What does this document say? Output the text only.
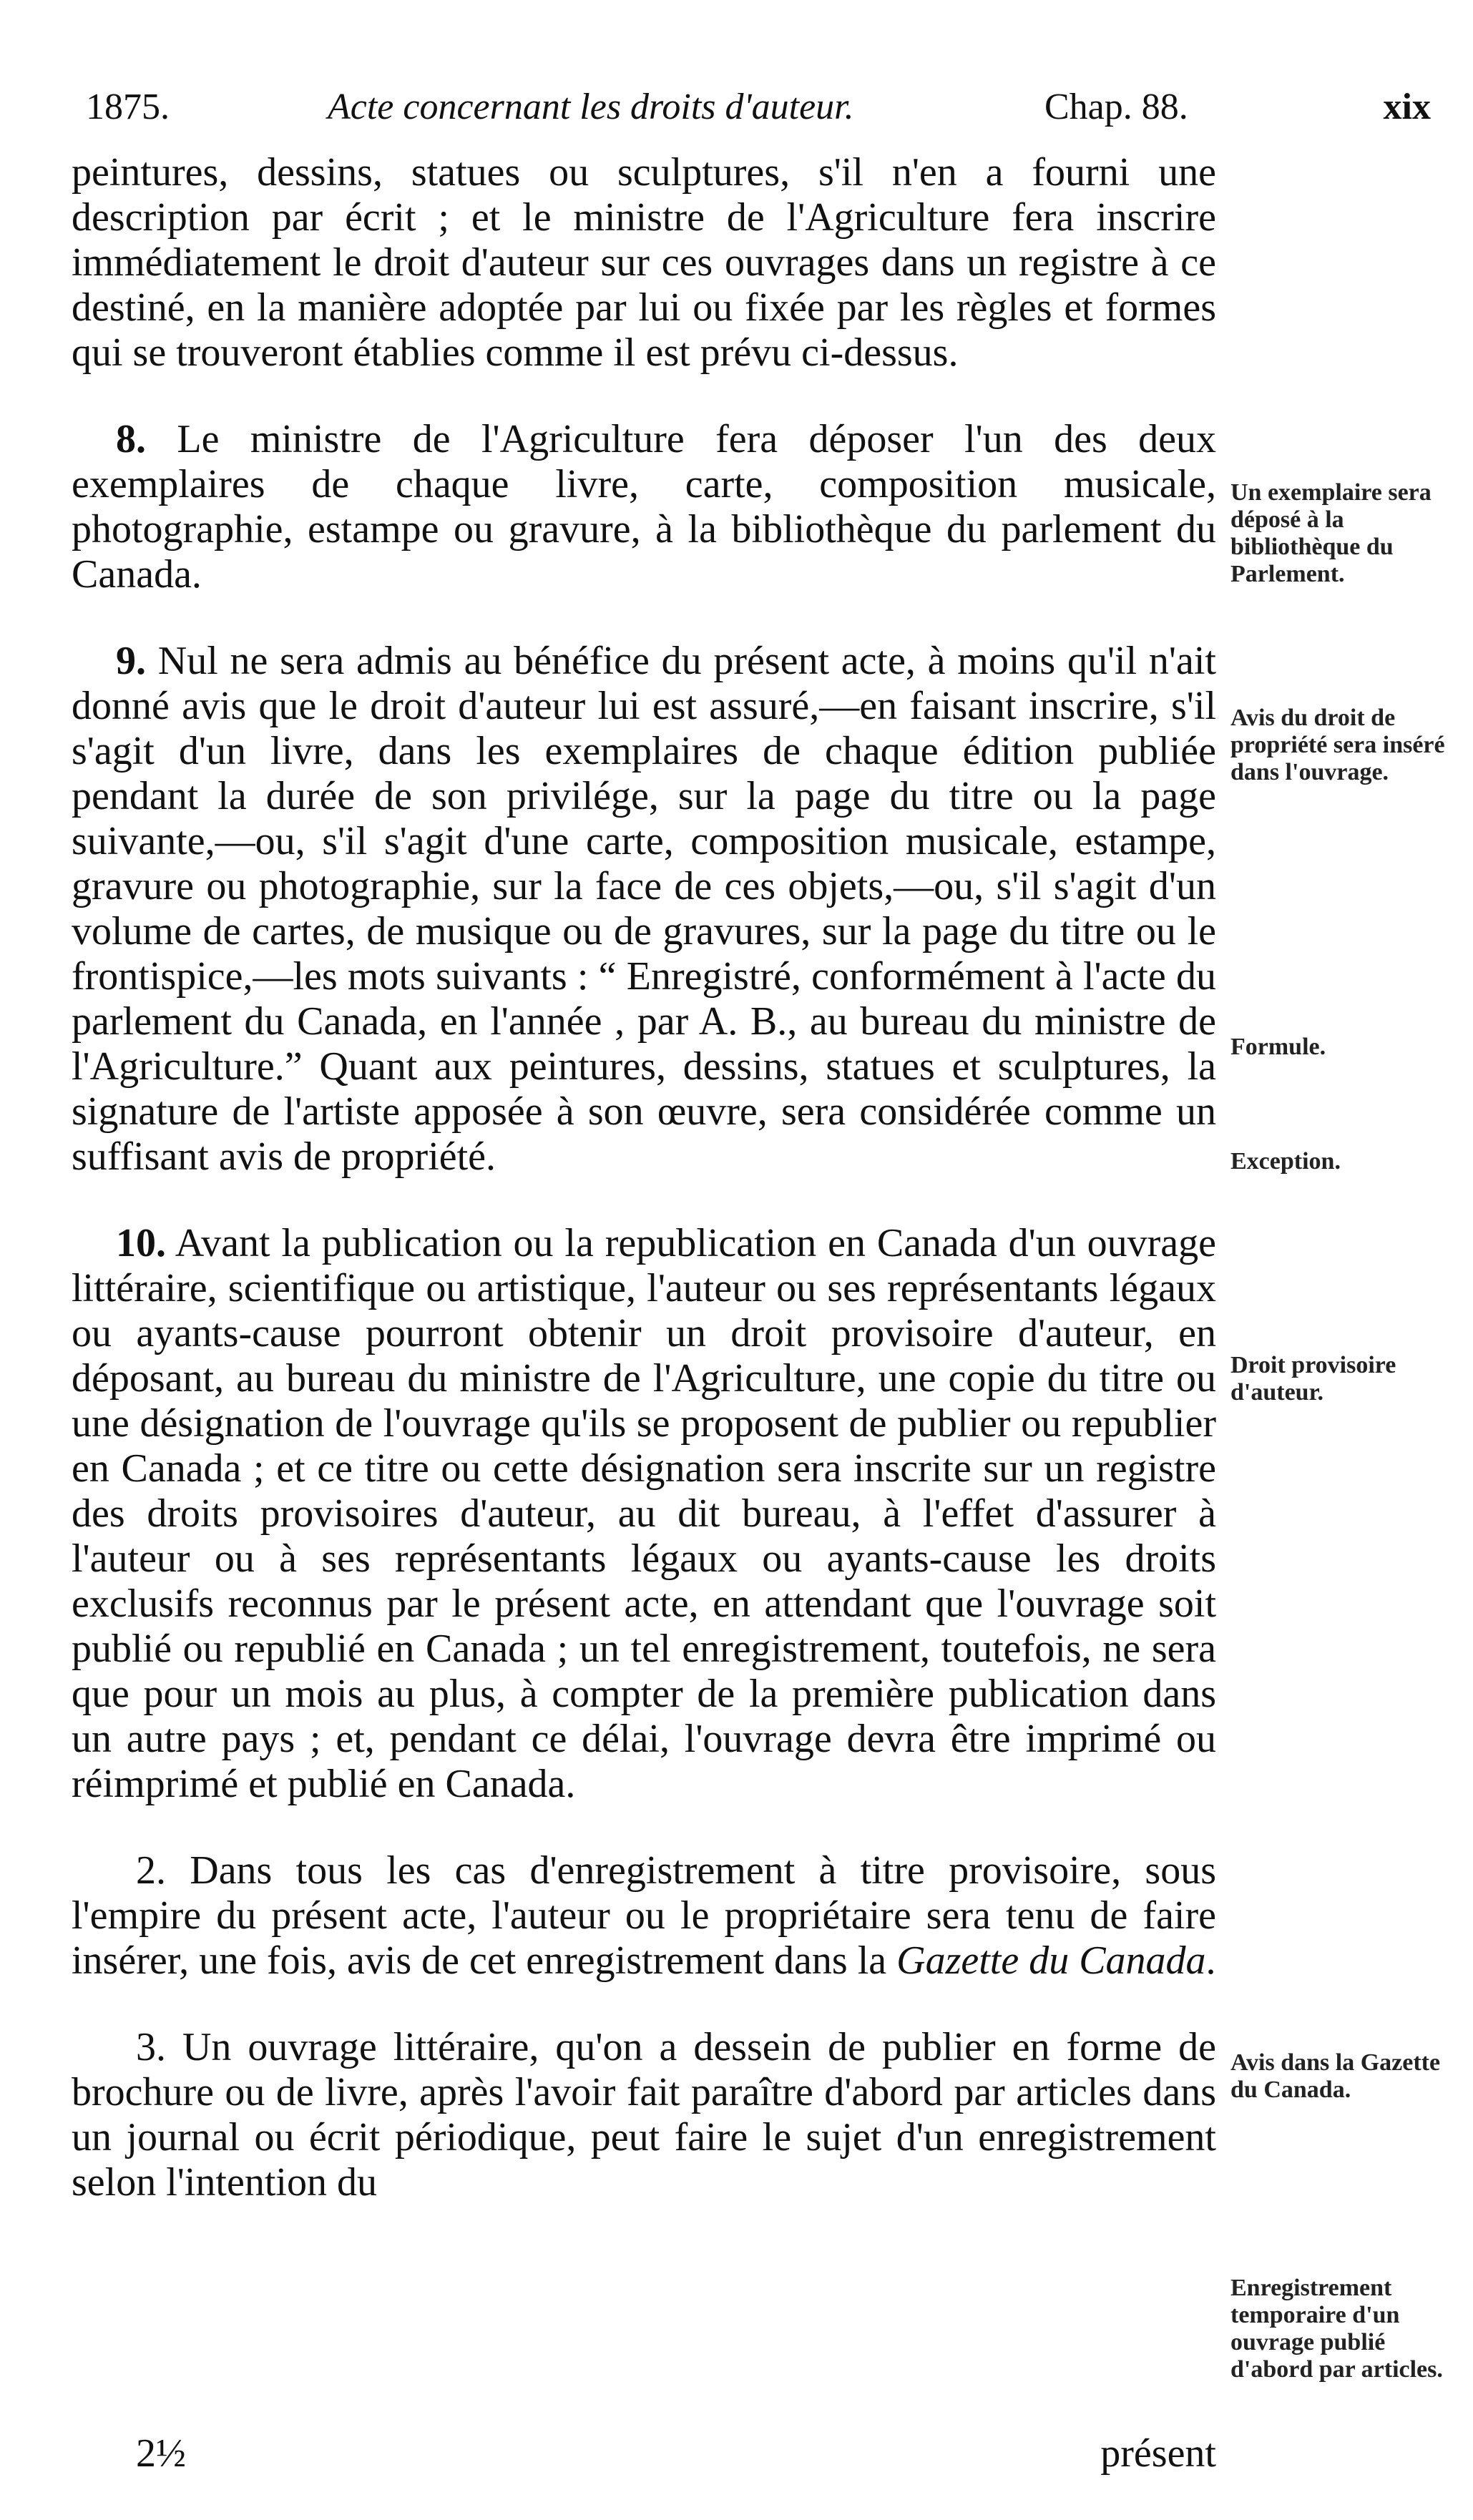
1875.	Acte concernant les droits d'auteur.	Chap. 88.	xix

peintures, dessins, statues ou sculptures, s'il n'en a fourni une description par écrit ; et le ministre de l'Agriculture fera inscrire immédiatement le droit d'auteur sur ces ouvrages dans un registre à ce destiné, en la manière adoptée par lui ou fixée par les règles et formes qui se trouveront établies comme il est prévu ci-dessus.

8. Le ministre de l'Agriculture fera déposer l'un des deux exemplaires de chaque livre, carte, composition musicale, photographie, estampe ou gravure, à la bibliothèque du parlement du Canada.

9. Nul ne sera admis au bénéfice du présent acte, à moins qu'il n'ait donné avis que le droit d'auteur lui est assuré,—en faisant inscrire, s'il s'agit d'un livre, dans les exemplaires de chaque édition publiée pendant la durée de son privilége, sur la page du titre ou la page suivante,—ou, s'il s'agit d'une carte, composition musicale, estampe, gravure ou photographie, sur la face de ces objets,—ou, s'il s'agit d'un volume de cartes, de musique ou de gravures, sur la page du titre ou le frontispice,—les mots suivants : “ Enregistré, conformément à l'acte du parlement du Canada, en l'année , par A. B., au bureau du ministre de l'Agriculture.” Quant aux peintures, dessins, statues et sculptures, la signature de l'artiste apposée à son œuvre, sera considérée comme un suffisant avis de propriété.

10. Avant la publication ou la republication en Canada d'un ouvrage littéraire, scientifique ou artistique, l'auteur ou ses représentants légaux ou ayants-cause pourront obtenir un droit provisoire d'auteur, en déposant, au bureau du ministre de l'Agriculture, une copie du titre ou une désignation de l'ouvrage qu'ils se proposent de publier ou republier en Canada ; et ce titre ou cette désignation sera inscrite sur un registre des droits provisoires d'auteur, au dit bureau, à l'effet d'assurer à l'auteur ou à ses représentants légaux ou ayants-cause les droits exclusifs reconnus par le présent acte, en attendant que l'ouvrage soit publié ou republié en Canada ; un tel enregistrement, toutefois, ne sera que pour un mois au plus, à compter de la première publication dans un autre pays ; et, pendant ce délai, l'ouvrage devra être imprimé ou réimprimé et publié en Canada.

2. Dans tous les cas d'enregistrement à titre provisoire, sous l'empire du présent acte, l'auteur ou le propriétaire sera tenu de faire insérer, une fois, avis de cet enregistrement dans la Gazette du Canada.

3. Un ouvrage littéraire, qu'on a dessein de publier en forme de brochure ou de livre, après l'avoir fait paraître d'abord par articles dans un journal ou écrit périodique, peut faire le sujet d'un enregistrement selon l'intention du

Un exemplaire sera déposé à la bibliothèque du Parlement.
Avis du droit de propriété sera inséré dans l'ouvrage.
Formule.
Exception.
Droit provisoire d'auteur.
Avis dans la Gazette du Canada.
Enregistrement temporaire d'un ouvrage publié d'abord par articles.
2½	présent
